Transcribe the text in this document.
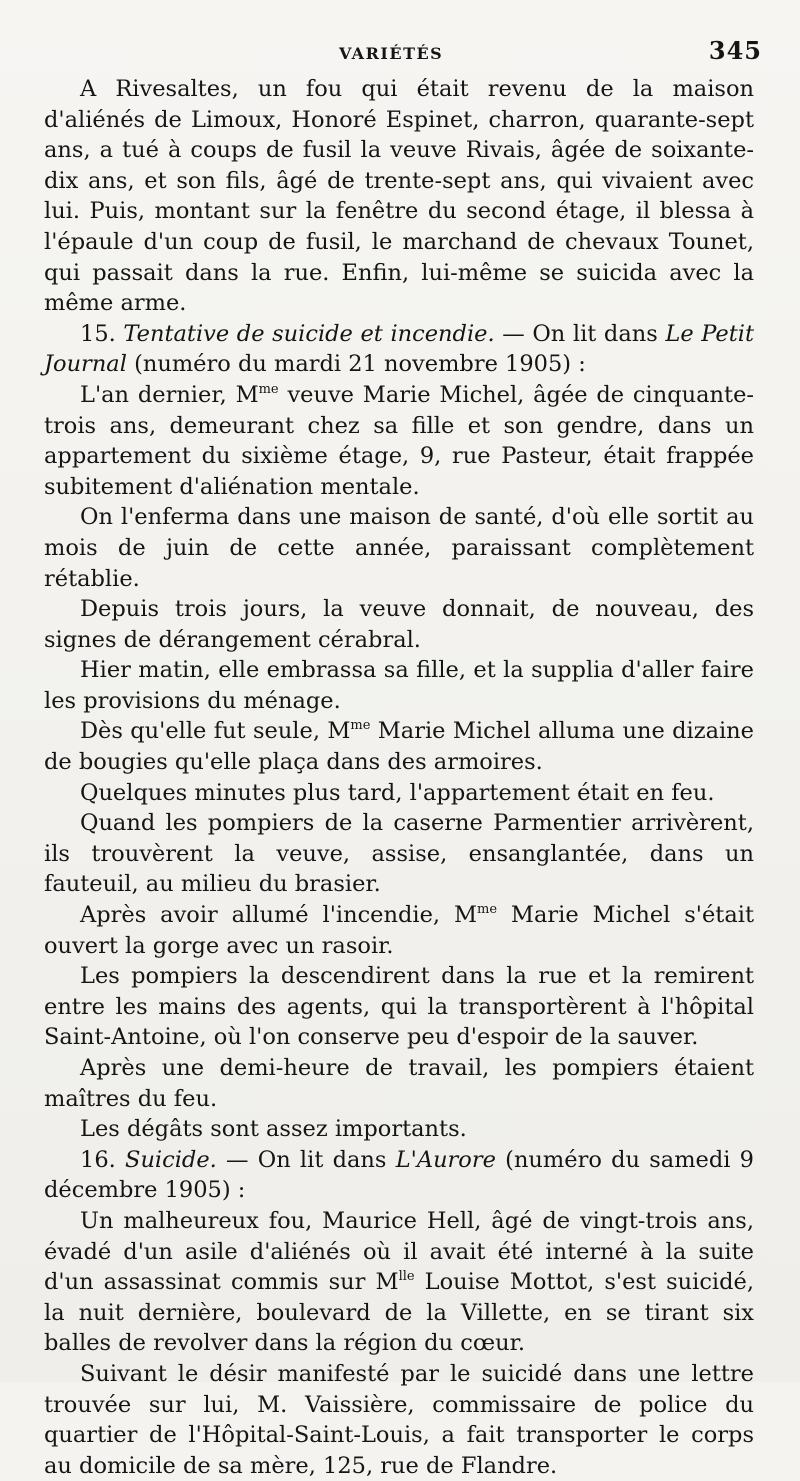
VARIÉTÉS	345

A Rivesaltes, un fou qui était revenu de la maison d'aliénés de Limoux, Honoré Espinet, charron, quarante-sept ans, a tué à coups de fusil la veuve Rivais, âgée de soixante-dix ans, et son fils, âgé de trente-sept ans, qui vivaient avec lui. Puis, montant sur la fenêtre du second étage, il blessa à l'épaule d'un coup de fusil, le marchand de chevaux Tounet, qui passait dans la rue. Enfin, lui-même se suicida avec la même arme.

15. Tentative de suicide et incendie. — On lit dans Le Petit Journal (numéro du mardi 21 novembre 1905) :

L'an dernier, $M^{me}$ veuve Marie Michel, âgée de cinquante-trois ans, demeurant chez sa fille et son gendre, dans un appartement du sixième étage, 9, rue Pasteur, était frappée subitement d'aliénation mentale.

On l'enferma dans une maison de santé, d'où elle sortit au mois de juin de cette année, paraissant complètement rétablie.

Depuis trois jours, la veuve donnait, de nouveau, des signes de dérangement cérabral.

Hier matin, elle embrassa sa fille, et la supplia d'aller faire les provisions du ménage.

Dès qu'elle fut seule, $M^{me}$ Marie Michel alluma une dizaine de bougies qu'elle plaça dans des armoires.

Quelques minutes plus tard, l'appartement était en feu.

Quand les pompiers de la caserne Parmentier arrivèrent, ils trouvèrent la veuve, assise, ensanglantée, dans un fauteuil, au milieu du brasier.

Après avoir allumé l'incendie, $M^{me}$ Marie Michel s'était ouvert la gorge avec un rasoir.

Les pompiers la descendirent dans la rue et la remirent entre les mains des agents, qui la transportèrent à l'hôpital Saint-Antoine, où l'on conserve peu d'espoir de la sauver.

Après une demi-heure de travail, les pompiers étaient maîtres du feu.

Les dégâts sont assez importants.

16. Suicide. — On lit dans L'Aurore (numéro du samedi 9 décembre 1905) :

Un malheureux fou, Maurice Hell, âgé de vingt-trois ans, évadé d'un asile d'aliénés où il avait été interné à la suite d'un assassinat commis sur $M^{lle}$ Louise Mottot, s'est suicidé, la nuit dernière, boulevard de la Villette, en se tirant six balles de revolver dans la région du cœur.

Suivant le désir manifesté par le suicidé dans une lettre trouvée sur lui, M. Vaissière, commissaire de police du quartier de l'Hôpital-Saint-Louis, a fait transporter le corps au domicile de sa mère, 125, rue de Flandre.
